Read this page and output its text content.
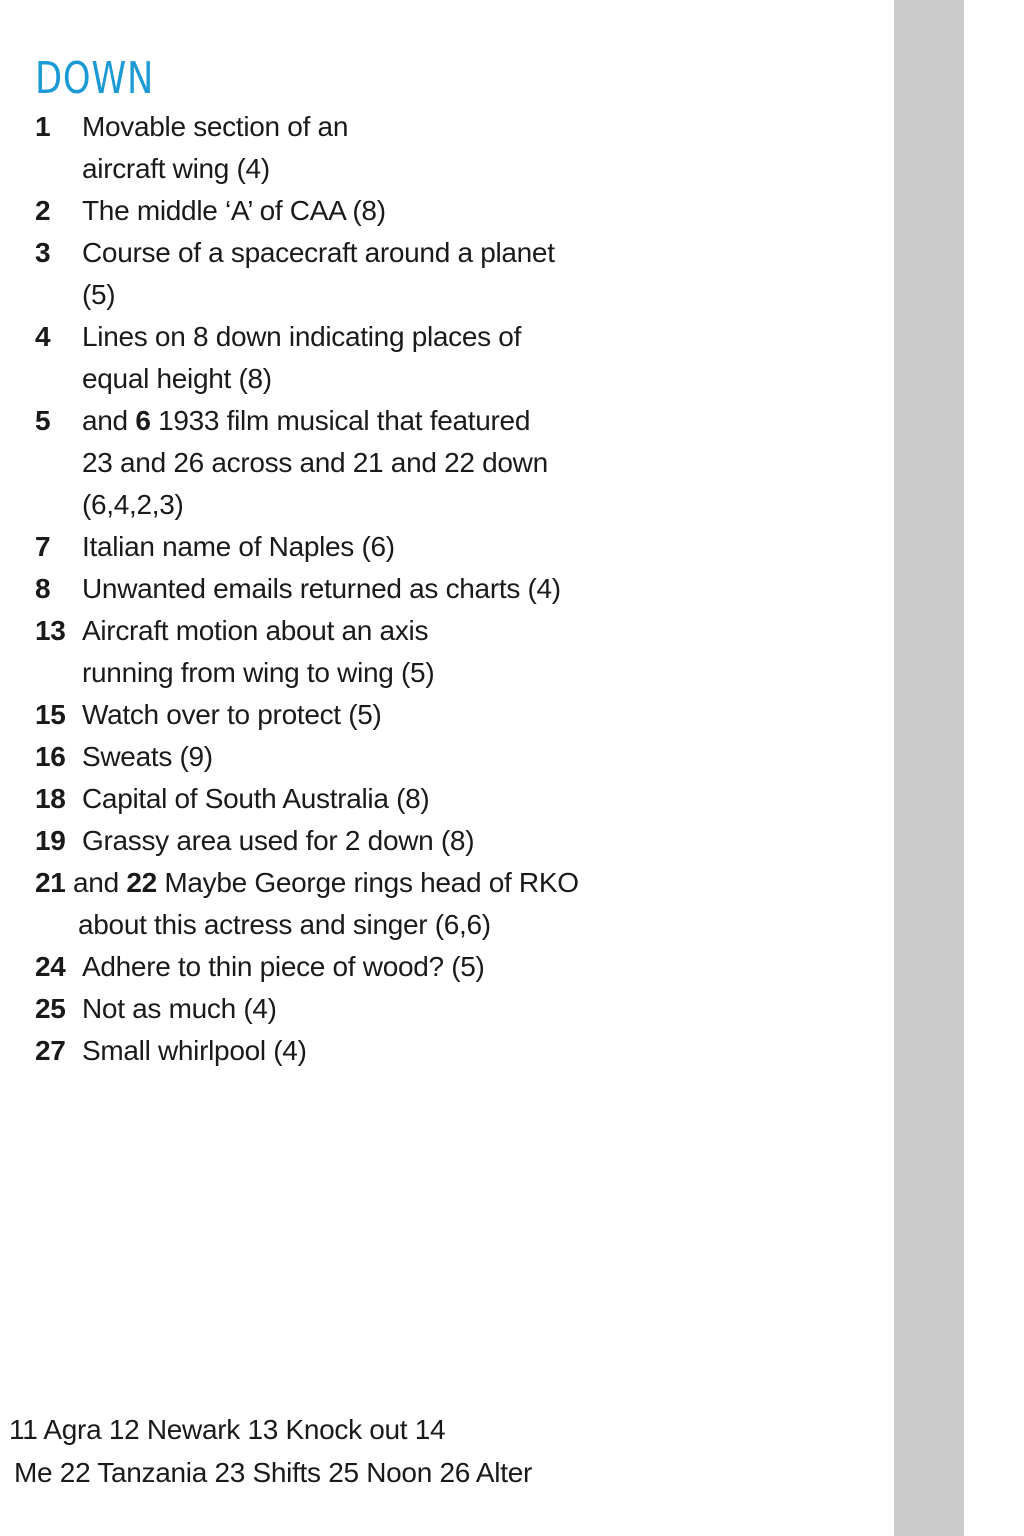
DOWN
1 Movable section of an
aircraft wing (4)
2 The middle ‘A’ of CAA (8)
3 Course of a spacecraft around a planet
(5)
4 Lines on 8 down indicating places of
equal height (8)
5 and 6 1933 film musical that featured
23 and 26 across and 21 and 22 down
(6,4,2,3)
7 Italian name of Naples (6)
8 Unwanted emails returned as charts (4)
13 Aircraft motion about an axis
running from wing to wing (5)
15 Watch over to protect (5)
16 Sweats (9)
18 Capital of South Australia (8)
19 Grassy area used for 2 down (8)
21 and 22 Maybe George rings head of RKO
about this actress and singer (6,6)
24 Adhere to thin piece of wood? (5)
25 Not as much (4)
27 Small whirlpool (4)
11 Agra 12 Newark 13 Knock out 14
Me 22 Tanzania 23 Shifts 25 Noon 26 Alter
